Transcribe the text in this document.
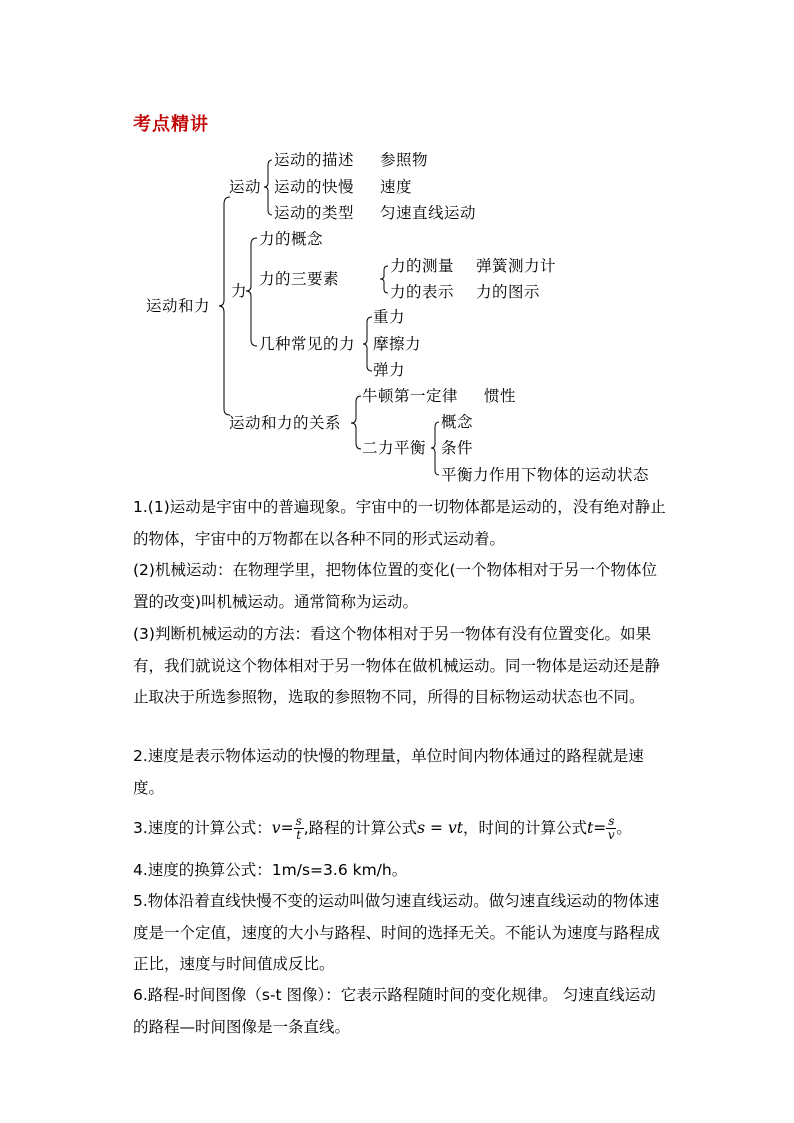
考点精讲
运动和力
运动
运动的描述 参照物
运动的快慢 速度
运动的类型 匀速直线运动
力
力的概念
力的三要素
力的测量 弹簧测力计
力的表示 力的图示
几种常见的力
重力
摩擦力
弹力
运动和力的关系
牛顿第一定律 惯性
二力平衡
概念
条件
平衡力作用下物体的运动状态

1.(1)运动是宇宙中的普遍现象。宇宙中的一切物体都是运动的，没有绝对静止的物体，宇宙中的万物都在以各种不同的形式运动着。

(2)机械运动：在物理学里，把物体位置的变化(一个物体相对于另一个物体位置的改变)叫机械运动。通常简称为运动。

(3)判断机械运动的方法：看这个物体相对于另一物体有没有位置变化。如果有，我们就说这个物体相对于另一物体在做机械运动。同一物体是运动还是静止取决于所选参照物，选取的参照物不同，所得的目标物运动状态也不同。

2.速度是表示物体运动的快慢的物理量，单位时间内物体通过的路程就是速度。

3.速度的计算公式：$v= \frac{s}{t}$ ,路程的计算公式s = vt，时间的计算公式$t= \frac{s}{v}$ 。

4.速度的换算公式：1m/s=3.6 km/h。

5.物体沿着直线快慢不变的运动叫做匀速直线运动。做匀速直线运动的物体速度是一个定值，速度的大小与路程、时间的选择无关。不能认为速度与路程成正比，速度与时间值成反比。

6.路程-时间图像（s-t 图像）：它表示路程随时间的变化规律。 匀速直线运动的路程—时间图像是一条直线。
